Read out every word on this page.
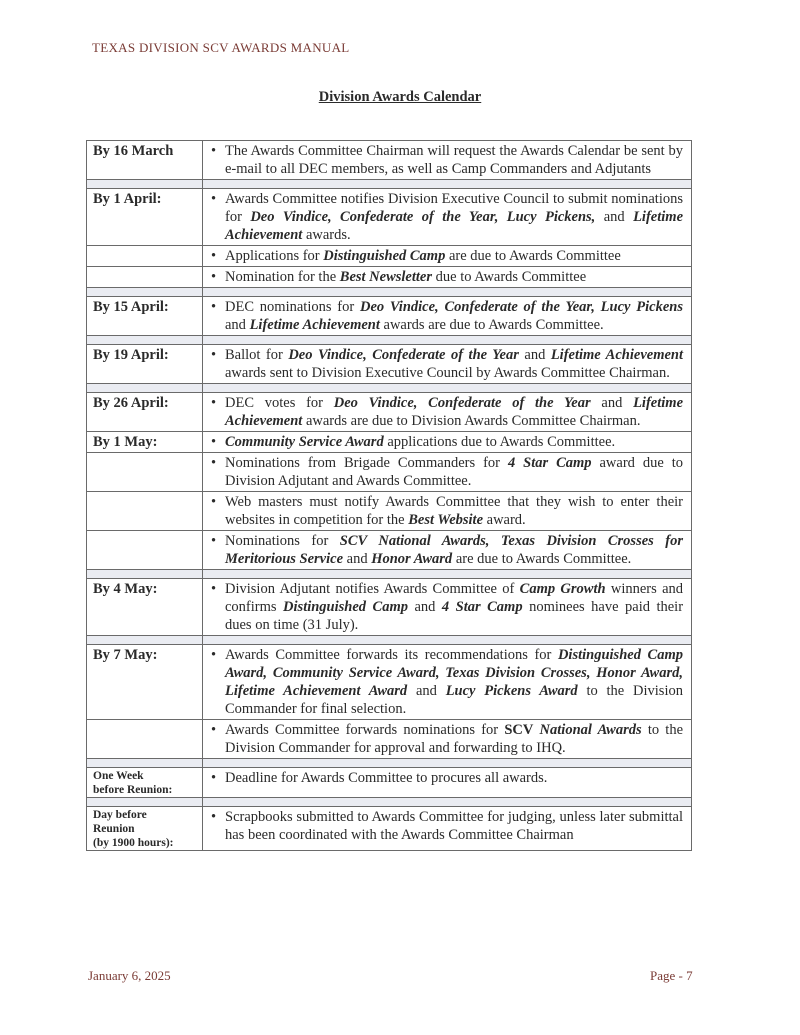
TEXAS DIVISION SCV AWARDS MANUAL
Division Awards Calendar
By 16 March	• The Awards Committee Chairman will request the Awards Calendar be sent by e-mail to all DEC members, as well as Camp Commanders and Adjutants

By 1 April:	• Awards Committee notifies Division Executive Council to submit nominations for Deo Vindice, Confederate of the Year, Lucy Pickens, and Lifetime Achievement awards.

	• Applications for Distinguished Camp are due to Awards Committee

	• Nomination for the Best Newsletter due to Awards Committee

By 15 April:	• DEC nominations for Deo Vindice, Confederate of the Year, Lucy Pickens and Lifetime Achievement awards are due to Awards Committee.

By 19 April:	• Ballot for Deo Vindice, Confederate of the Year and Lifetime Achievement awards sent to Division Executive Council by Awards Committee Chairman.

By 26 April:	• DEC votes for Deo Vindice, Confederate of the Year and Lifetime Achievement awards are due to Division Awards Committee Chairman.

By 1 May:	• Community Service Award applications due to Awards Committee.

	• Nominations from Brigade Commanders for 4 Star Camp award due to Division Adjutant and Awards Committee.

	• Web masters must notify Awards Committee that they wish to enter their websites in competition for the Best Website award.

	• Nominations for SCV National Awards, Texas Division Crosses for Meritorious Service and Honor Award are due to Awards Committee.

By 4 May:	• Division Adjutant notifies Awards Committee of Camp Growth winners and confirms Distinguished Camp and 4 Star Camp nominees have paid their dues on time (31 July).

By 7 May:	• Awards Committee forwards its recommendations for Distinguished Camp Award, Community Service Award, Texas Division Crosses, Honor Award, Lifetime Achievement Award and Lucy Pickens Award to the Division Commander for final selection.

	• Awards Committee forwards nominations for SCV National Awards to the Division Commander for approval and forwarding to IHQ.

One Week
before Reunion:	• Deadline for Awards Committee to procures all awards.

Day before
Reunion
(by 1900 hours):	• Scrapbooks submitted to Awards Committee for judging, unless later submittal has been coordinated with the Awards Committee Chairman
January 6, 2025	Page - 7
